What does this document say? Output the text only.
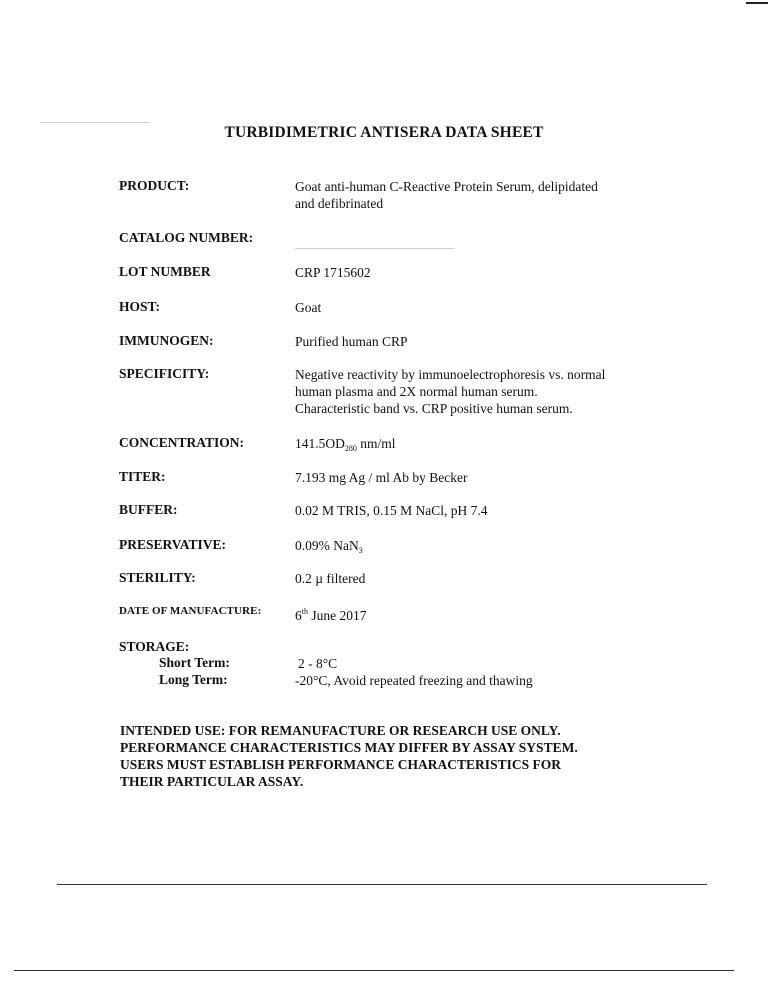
TURBIDIMETRIC ANTISERA DATA SHEET
PRODUCT:	Goat anti-human C-Reactive Protein Serum, delipidated
and defibrinated
CATALOG NUMBER:
LOT NUMBER	CRP 1715602
HOST:	Goat
IMMUNOGEN:	Purified human CRP
SPECIFICITY:	Negative reactivity by immunoelectrophoresis vs. normal
human plasma and 2X normal human serum.
Characteristic band vs. CRP positive human serum.
CONCENTRATION:	$141.5OD_{280}$ nm/ml
TITER:	7.193 mg Ag / ml Ab by Becker
BUFFER:	0.02 M TRIS, 0.15 M NaCl, pH 7.4
PRESERVATIVE:	0.09% NaN$_3$
STERILITY:	0.2 µ filtered
DATE OF MANUFACTURE: 6th June 2017
STORAGE:
Short Term:	2 - 8°C
Long Term:	-20°C, Avoid repeated freezing and thawing
INTENDED USE: FOR REMANUFACTURE OR RESEARCH USE ONLY.
PERFORMANCE CHARACTERISTICS MAY DIFFER BY ASSAY SYSTEM.
USERS MUST ESTABLISH PERFORMANCE CHARACTERISTICS FOR
THEIR PARTICULAR ASSAY.
